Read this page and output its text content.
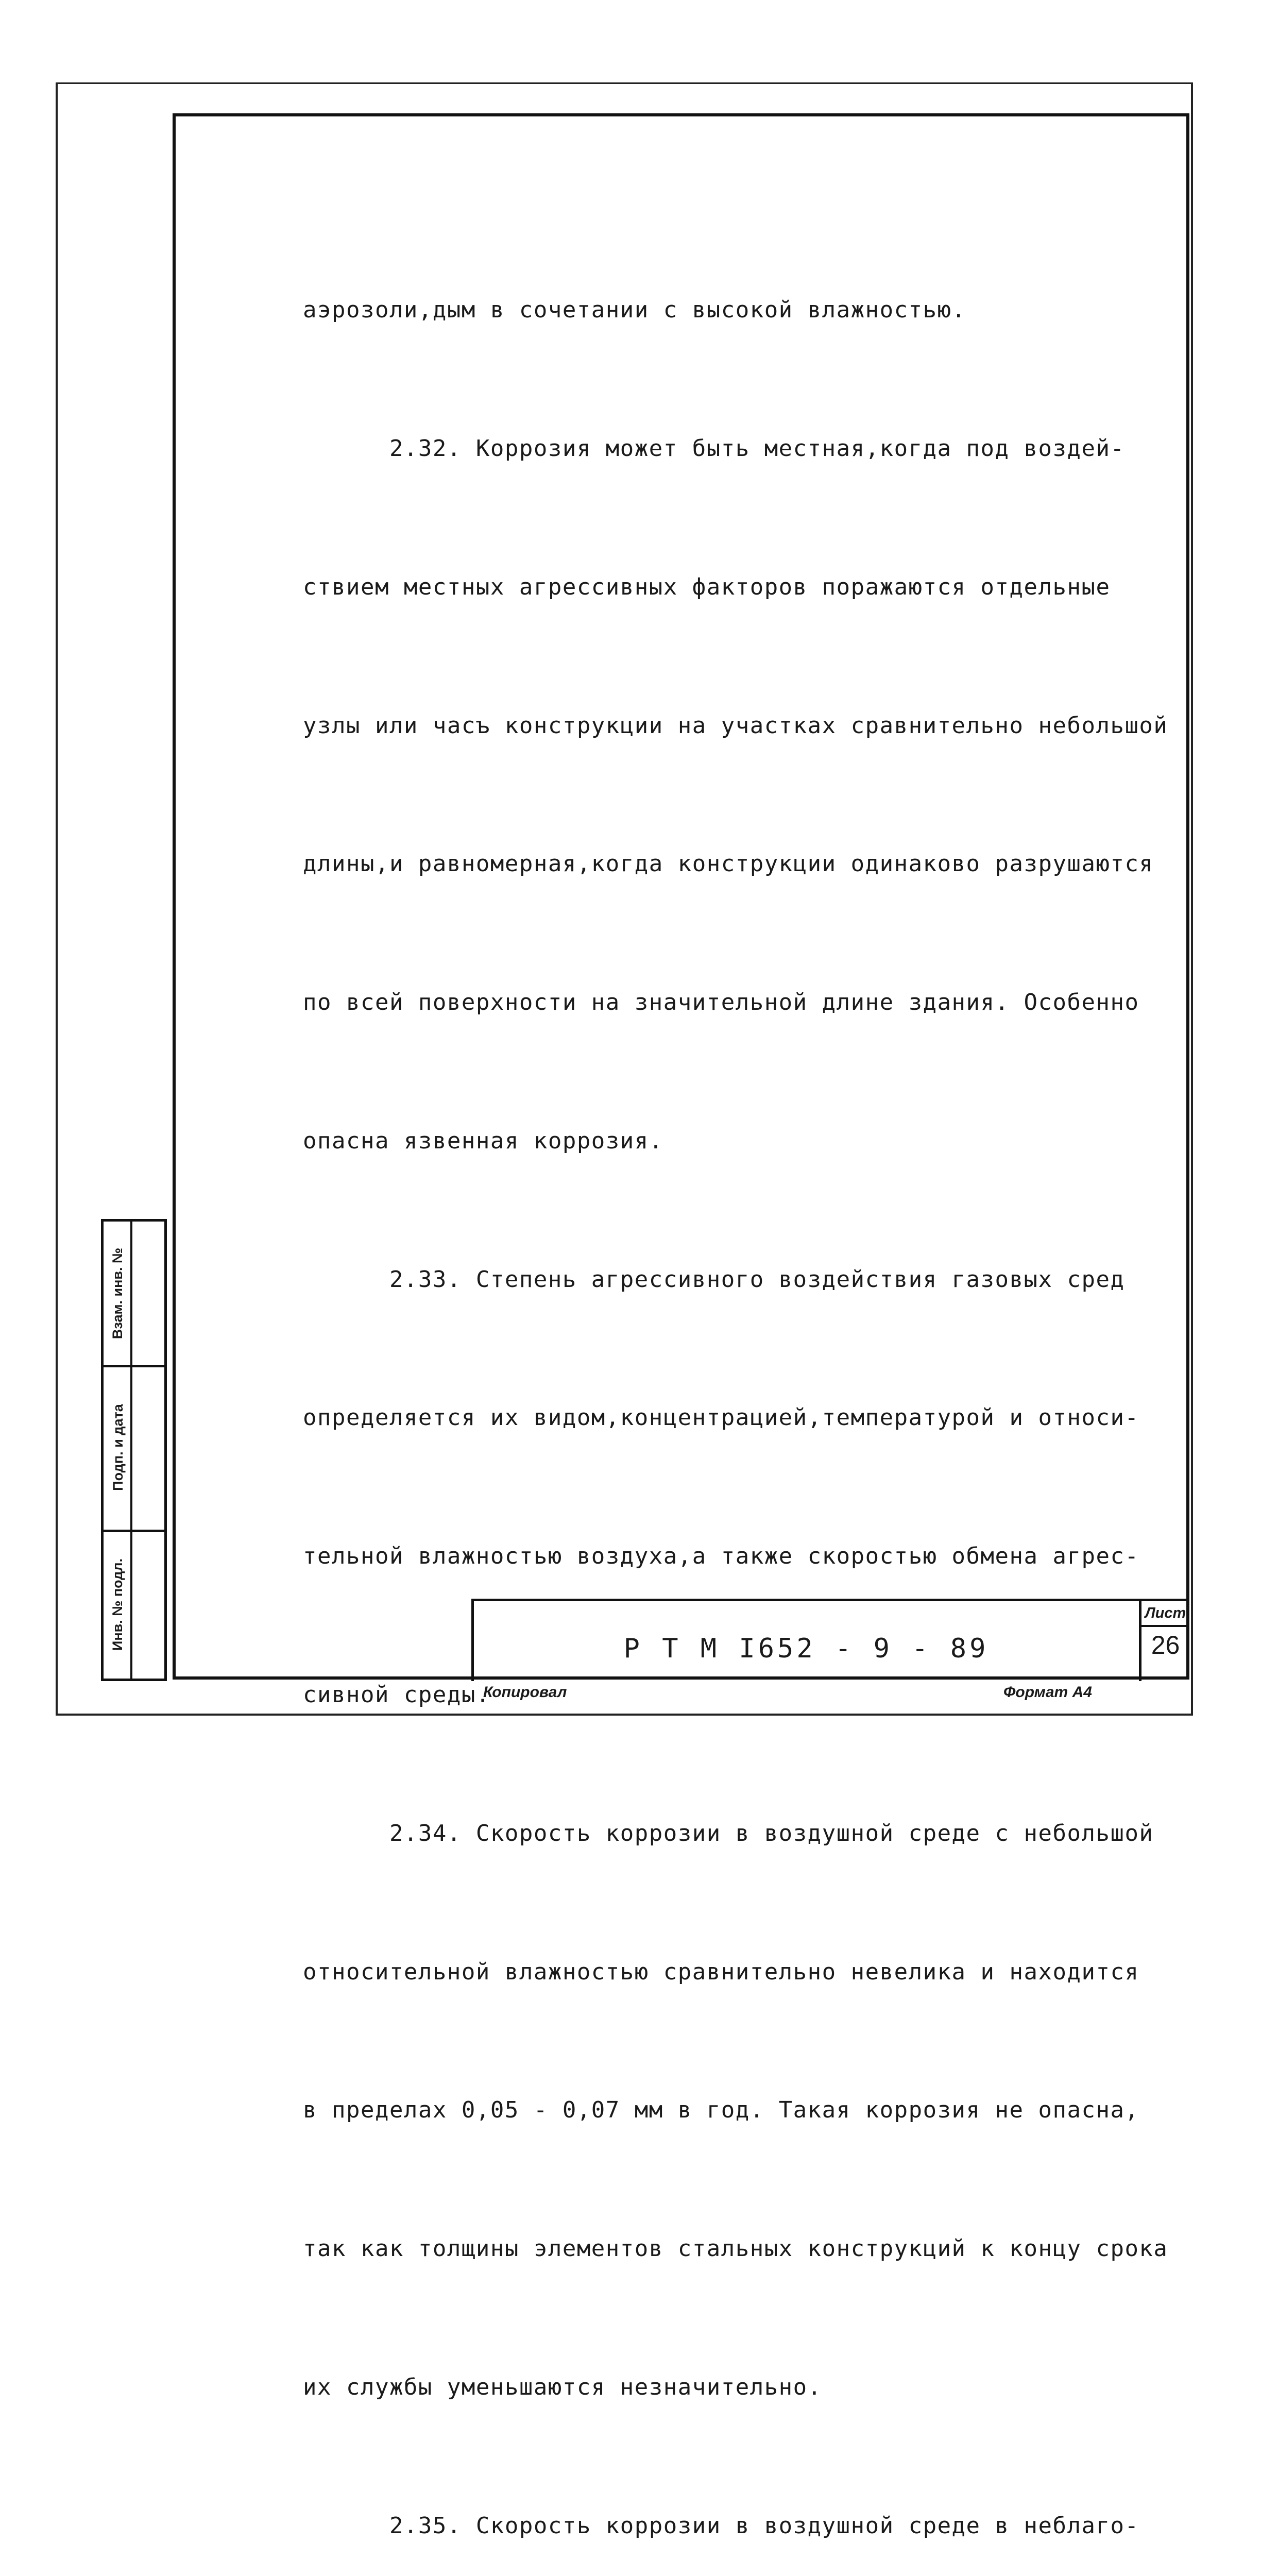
аэрозоли,дым в сочетании с высокой влажностью.

2.32. Коррозия может быть местная,когда под воздей-

ствием местных агрессивных факторов поражаются отдельные

узлы или часъ конструкции на участках сравнительно небольшой

длины,и равномерная,когда конструкции одинаково разрушаются

по всей поверхности на значительной длине здания. Особенно

опасна язвенная коррозия.

2.33. Степень агрессивного воздействия газовых сред

определяется их видом,концентрацией,температурой и относи-

тельной влажностью воздуха,а также скоростью обмена агрес-

сивной среды.

2.34. Скорость коррозии в воздушной среде с небольшой

относительной влажностью сравнительно невелика и находится

в пределах 0,05 - 0,07 мм в год. Такая коррозия не опасна,

так как толщины элементов стальных конструкций к концу срока

их службы уменьшаются незначительно.

2.35. Скорость коррозии в воздушной среде в неблаго-

Взам. инв. №
Подп. и дата
Инв. № подл.	Р Т М I652 - 9 - 89
Лист
26
Копировал	Формат А4
